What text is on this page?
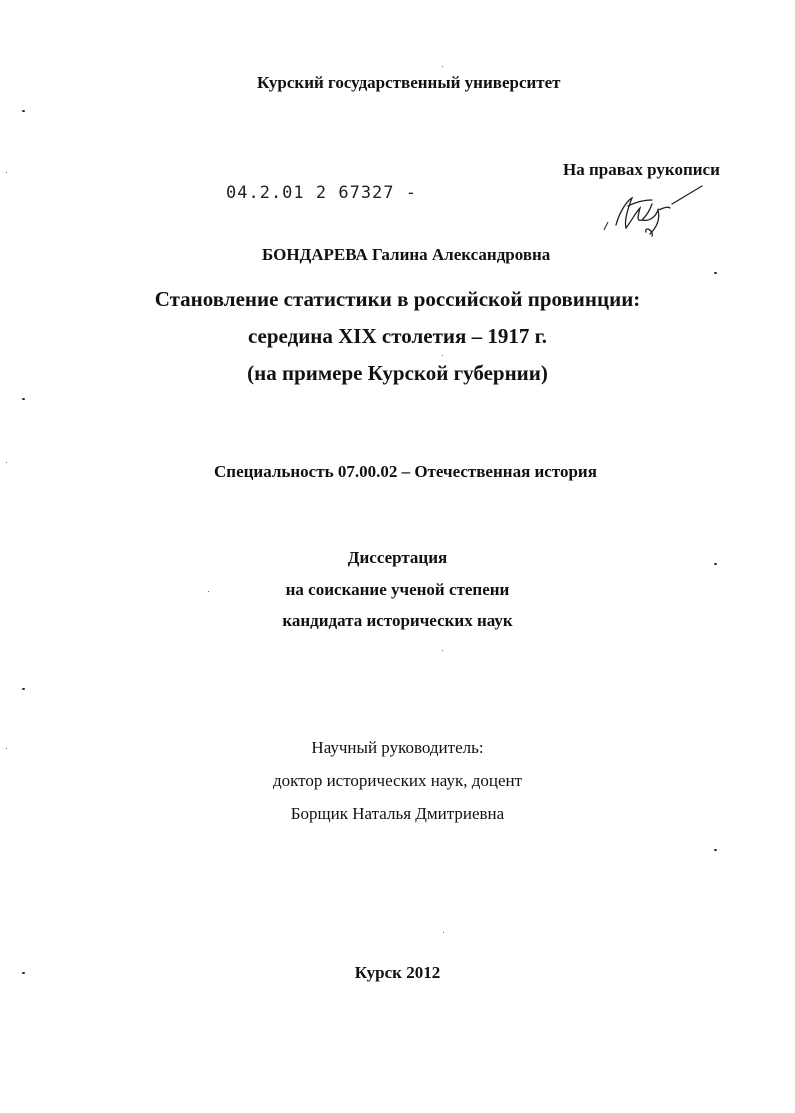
Курский государственный университет
На правах рукописи
04.2.01 2 67327 -
БОНДАРЕВА Галина Александровна
Становление статистики в российской провинции:
середина XIX столетия – 1917 г.
(на примере Курской губернии)
Специальность 07.00.02 – Отечественная история
Диссертация
на соискание ученой степени
кандидата исторических наук
Научный руководитель:
доктор исторических наук, доцент
Борщик Наталья Дмитриевна
Курск 2012
